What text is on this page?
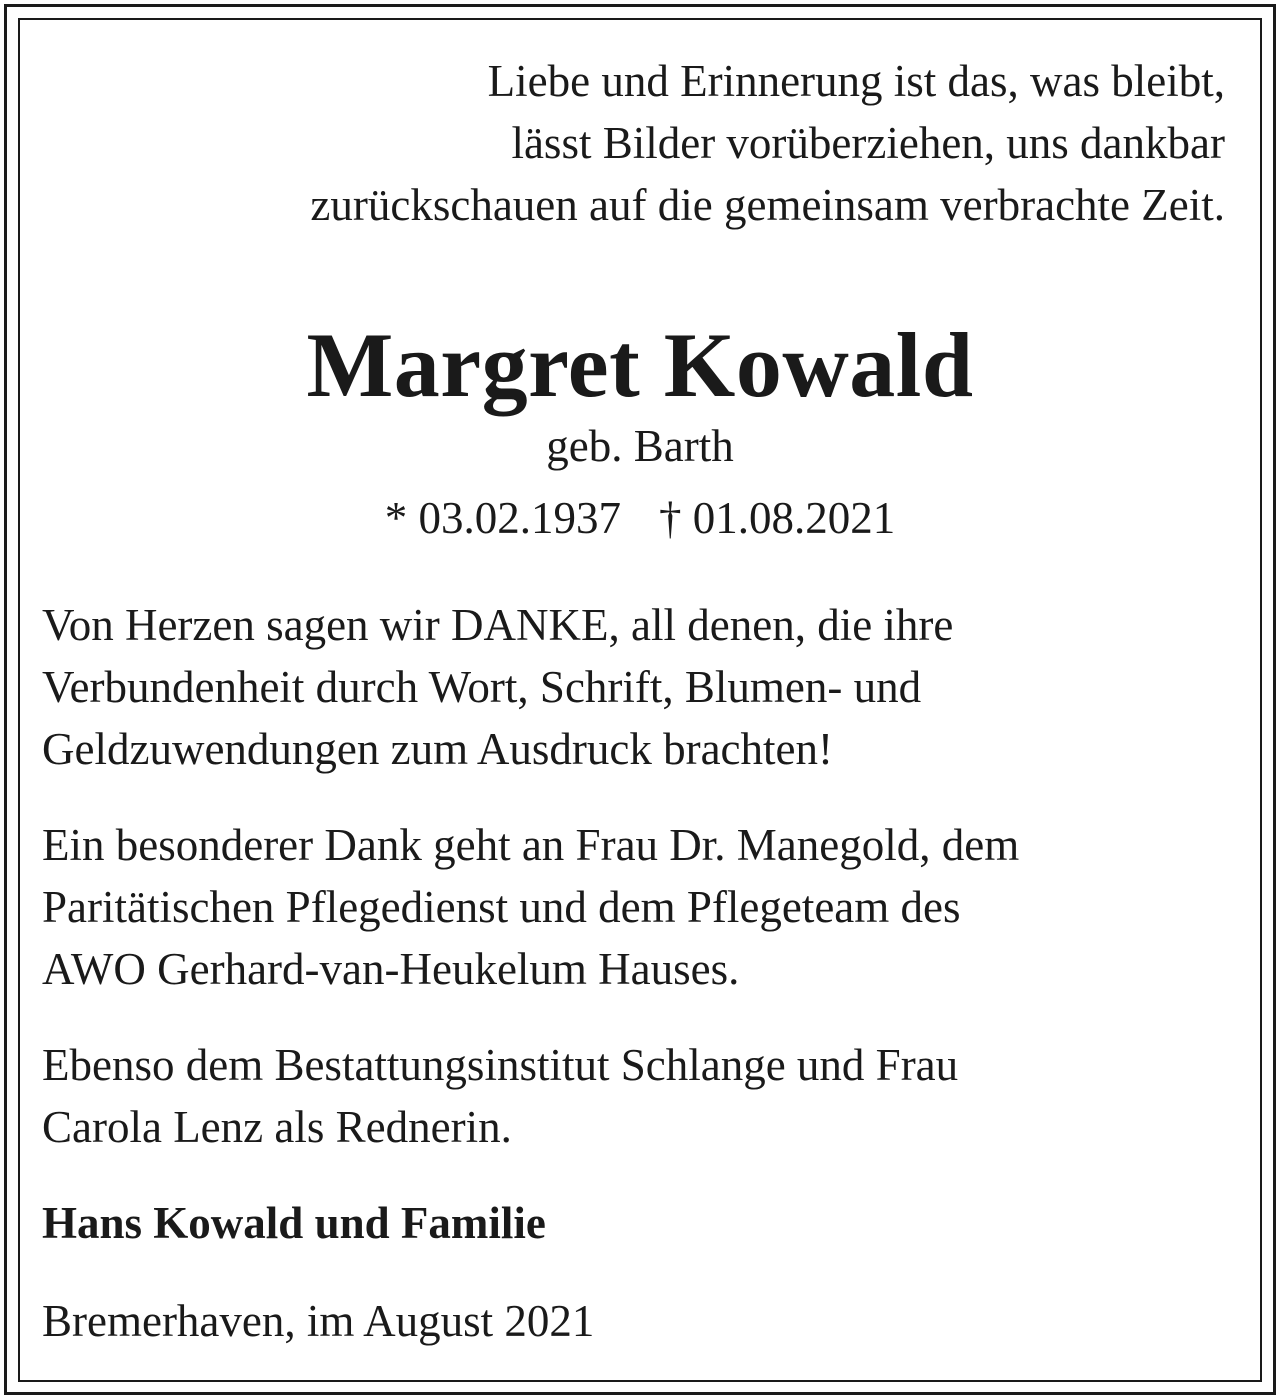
Liebe und Erinnerung ist das, was bleibt,
lässt Bilder vorüberziehen, uns dankbar
zurückschauen auf die gemeinsam verbrachte Zeit.
Margret Kowald
geb. Barth
* 03.02.1937 † 01.08.2021
Von Herzen sagen wir DANKE, all denen, die ihre
Verbundenheit durch Wort, Schrift, Blumen- und
Geldzuwendungen zum Ausdruck brachten!
Ein besonderer Dank geht an Frau Dr. Manegold, dem
Paritätischen Pflegedienst und dem Pflegeteam des
AWO Gerhard-van-Heukelum Hauses.
Ebenso dem Bestattungsinstitut Schlange und Frau
Carola Lenz als Rednerin.
Hans Kowald und Familie
Bremerhaven, im August 2021
